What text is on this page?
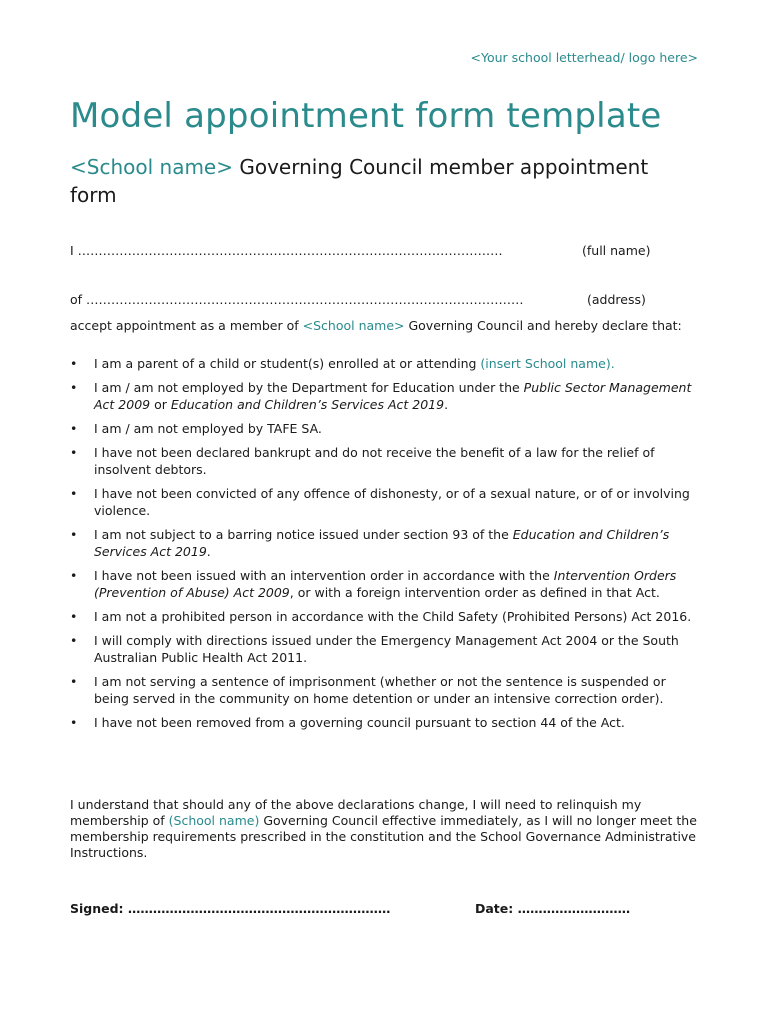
<Your school letterhead/ logo here>
Model appointment form template
<School name> Governing Council member appointment form
I …………………………………………………………………………………………	(full name)
of ……………………………………………………………………………………………	(address)

accept appointment as a member of <School name> Governing Council and hereby declare that:

• I am a parent of a child or student(s) enrolled at or attending (insert School name).
• I am / am not employed by the Department for Education under the Public Sector Management Act 2009 or Education and Children’s Services Act 2019.
• I am / am not employed by TAFE SA.
• I have not been declared bankrupt and do not receive the benefit of a law for the relief of insolvent debtors.
• I have not been convicted of any offence of dishonesty, or of a sexual nature, or of or involving violence.
• I am not subject to a barring notice issued under section 93 of the Education and Children’s Services Act 2019.
• I have not been issued with an intervention order in accordance with the Intervention Orders (Prevention of Abuse) Act 2009, or with a foreign intervention order as defined in that Act.
• I am not a prohibited person in accordance with the Child Safety (Prohibited Persons) Act 2016.
• I will comply with directions issued under the Emergency Management Act 2004 or the South Australian Public Health Act 2011.
• I am not serving a sentence of imprisonment (whether or not the sentence is suspended or being served in the community on home detention or under an intensive correction order).
• I have not been removed from a governing council pursuant to section 44 of the Act.

I understand that should any of the above declarations change, I will need to relinquish my membership of (School name) Governing Council effective immediately, as I will no longer meet the membership requirements prescribed in the constitution and the School Governance Administrative Instructions.

Signed: ………………………………………………………	Date: ………………………
